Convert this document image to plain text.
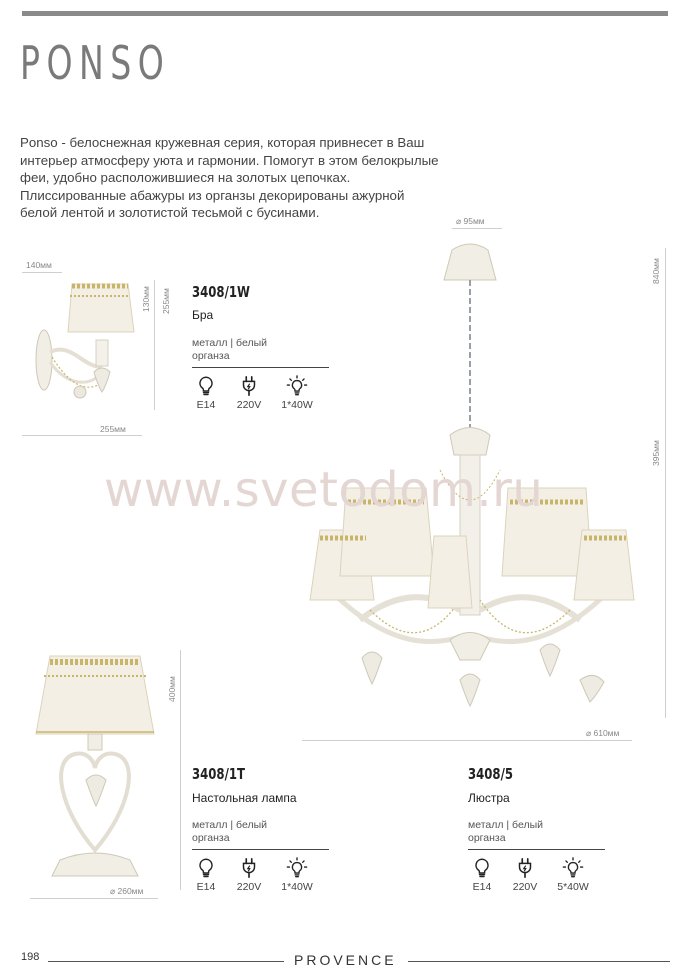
PONSO
Ponso - белоснежная кружевная серия, которая привнесет в Ваш интерьер атмосферу уюта и гармонии. Помогут в этом белокрылые феи, удобно расположившиеся на золотых цепочках. Плиссированные абажуры из органзы декорированы ажурной белой лентой и золотистой тесьмой с бусинами.
140мм
130мм 255мм
255мм
3408/1W
Бра
металл | белый органза
E14	220V	1*40W
⌀ 95мм
840мм
395мм
⌀ 610мм
www.svetodom.ru
400мм
⌀ 260мм
3408/1T
Настольная лампа
металл | белый органза
E14	220V	1*40W
3408/5
Люстра
металл | белый органза
E14	220V	5*40W
198	PROVENCE
